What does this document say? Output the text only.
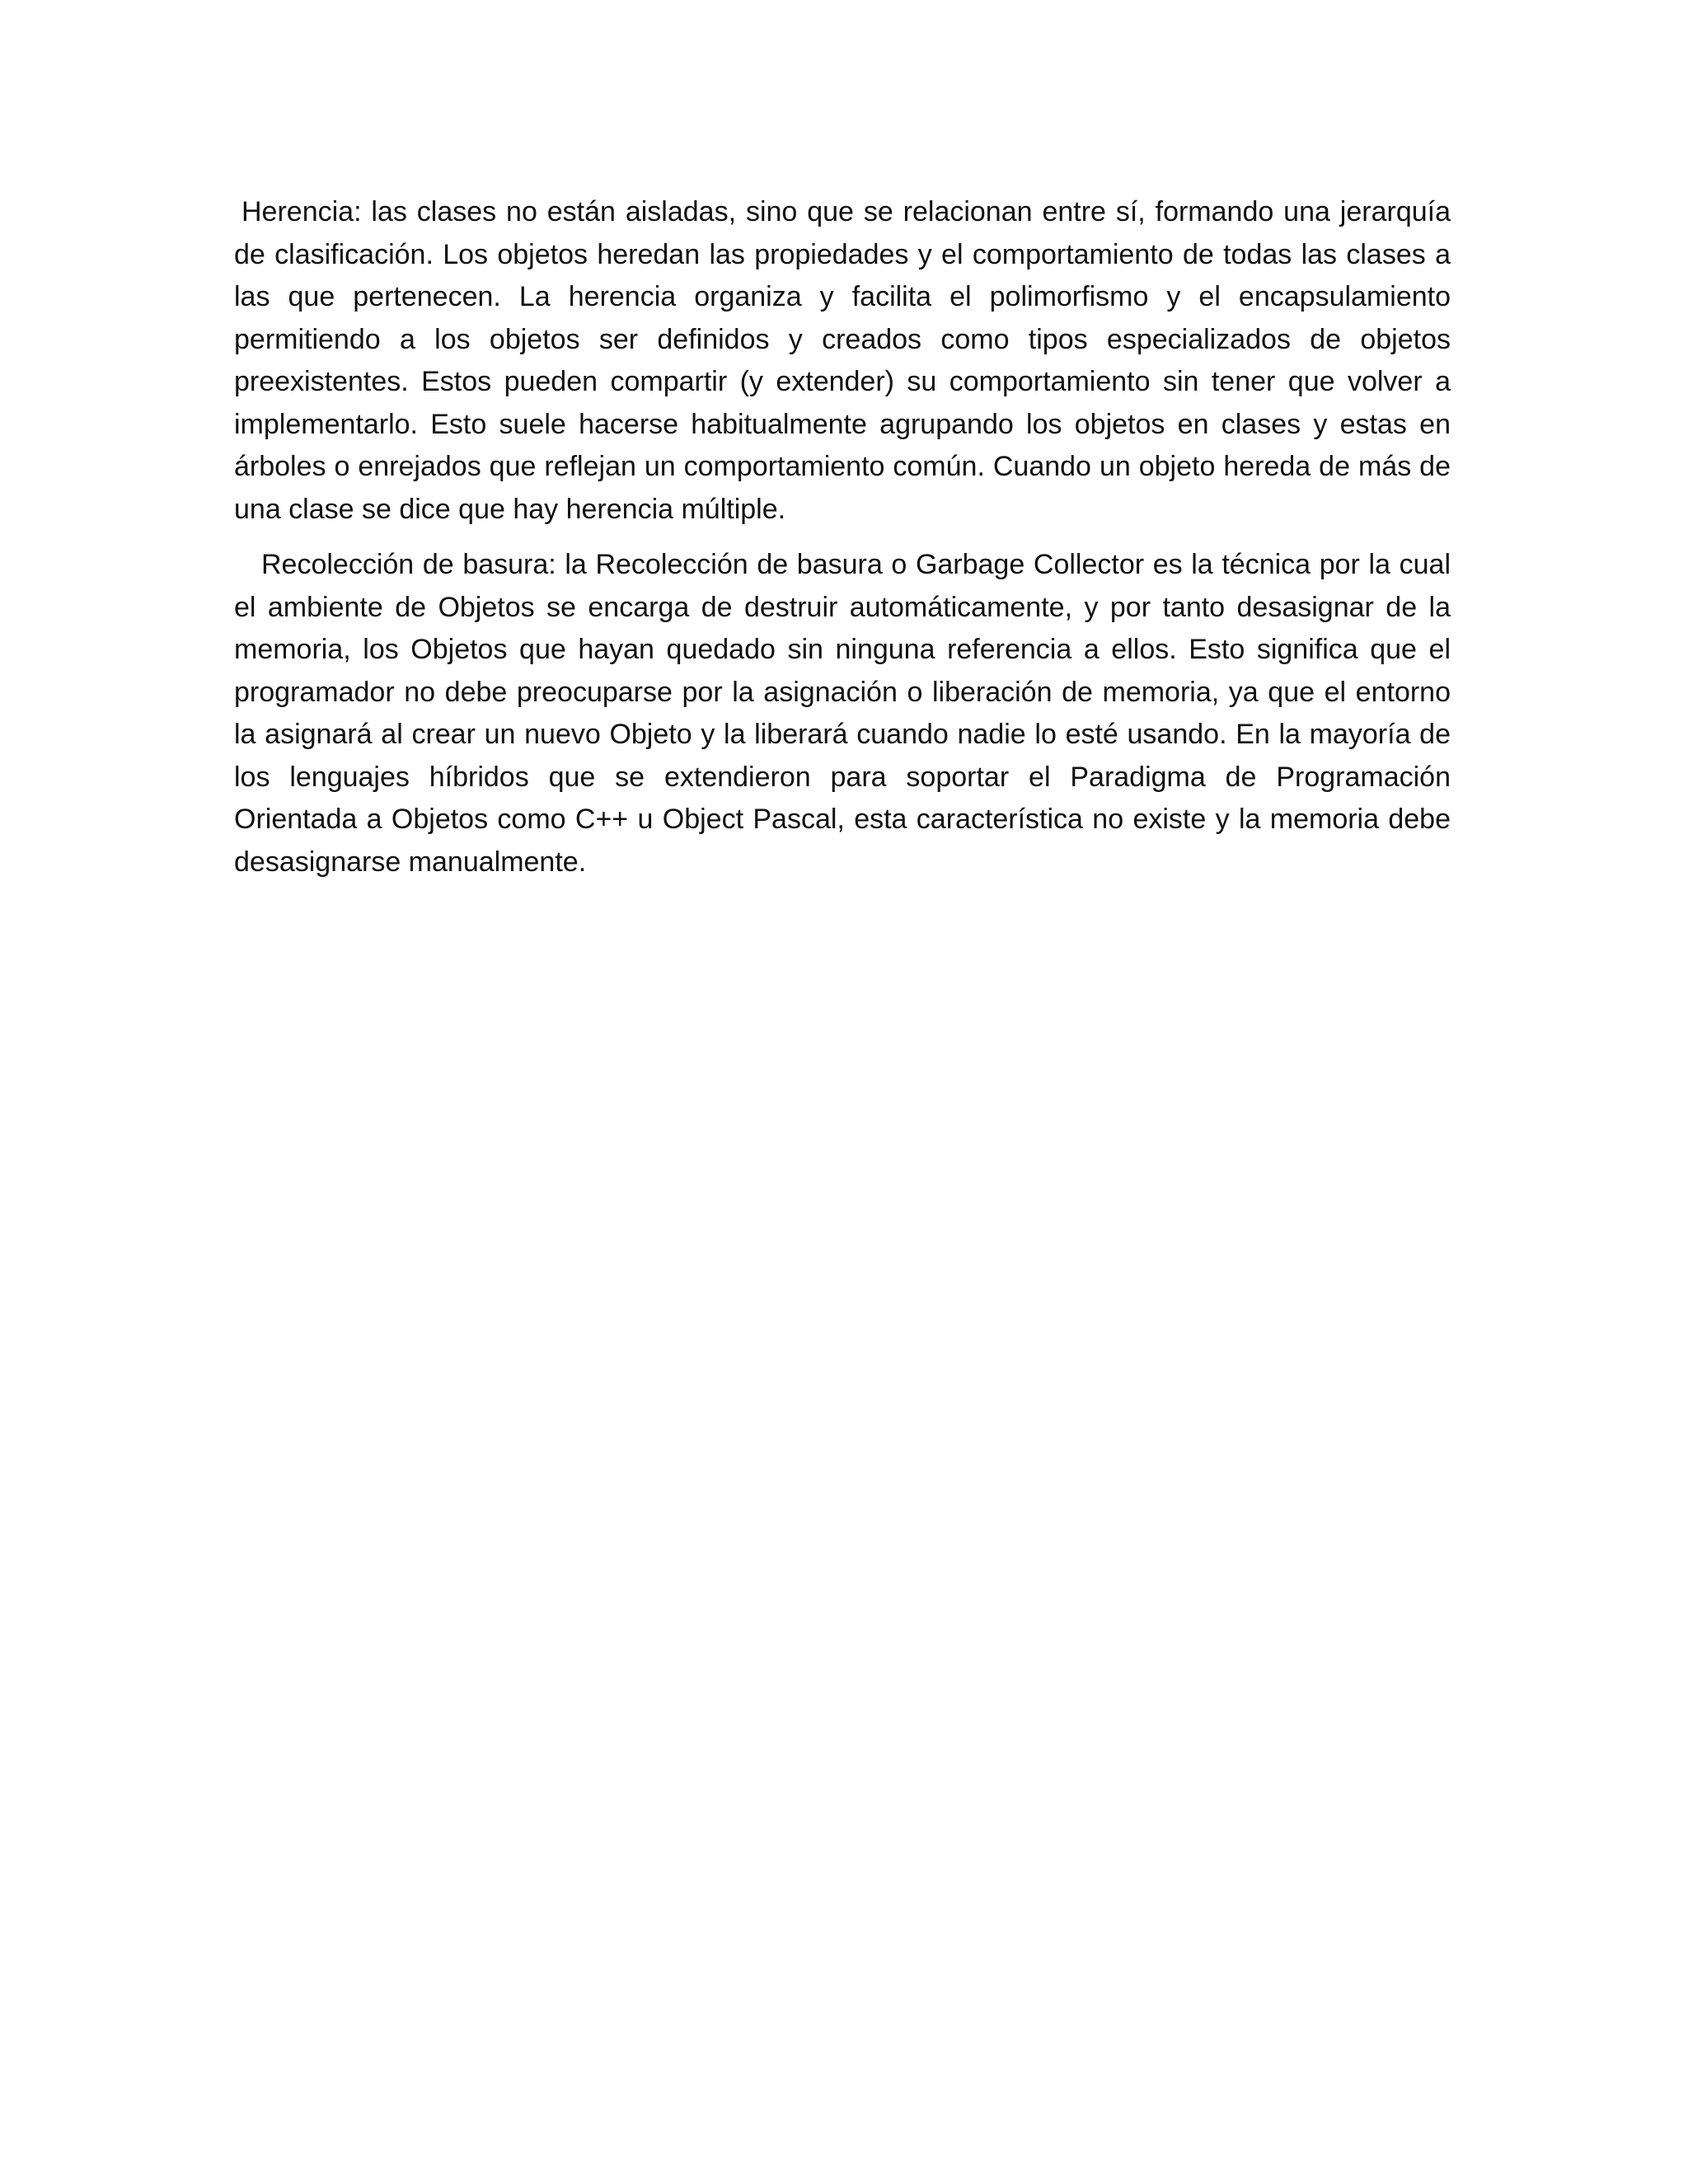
Herencia: las clases no están aisladas, sino que se relacionan entre sí, formando una jerarquía de clasificación. Los objetos heredan las propiedades y el comportamiento de todas las clases a las que pertenecen. La herencia organiza y facilita el polimorfismo y el encapsulamiento permitiendo a los objetos ser definidos y creados como tipos especializados de objetos preexistentes. Estos pueden compartir (y extender) su comportamiento sin tener que volver a implementarlo. Esto suele hacerse habitualmente agrupando los objetos en clases y estas en árboles o enrejados que reflejan un comportamiento común. Cuando un objeto hereda de más de una clase se dice que hay herencia múltiple.

Recolección de basura: la Recolección de basura o Garbage Collector es la técnica por la cual el ambiente de Objetos se encarga de destruir automáticamente, y por tanto desasignar de la memoria, los Objetos que hayan quedado sin ninguna referencia a ellos. Esto significa que el programador no debe preocuparse por la asignación o liberación de memoria, ya que el entorno la asignará al crear un nuevo Objeto y la liberará cuando nadie lo esté usando. En la mayoría de los lenguajes híbridos que se extendieron para soportar el Paradigma de Programación Orientada a Objetos como C++ u Object Pascal, esta característica no existe y la memoria debe desasignarse manualmente.
